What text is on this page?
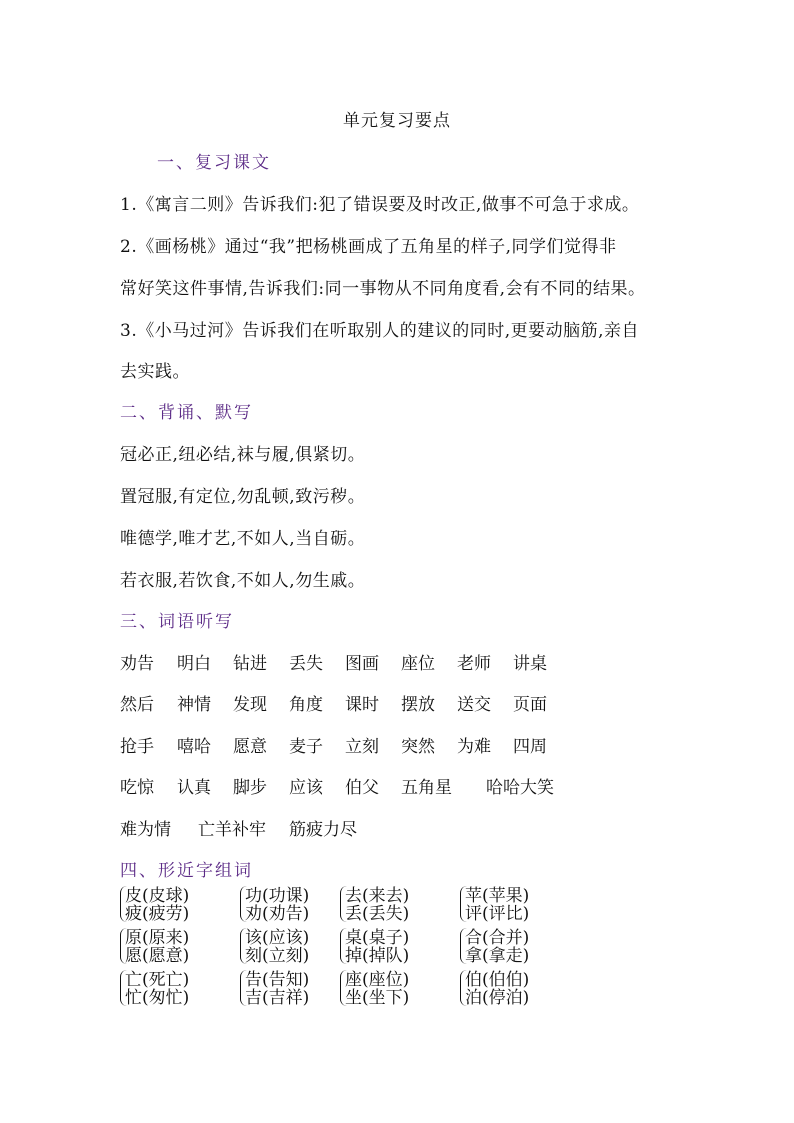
单元复习要点
一、复习课文
1.《寓言二则》告诉我们:犯了错误要及时改正,做事不可急于求成。
2.《画杨桃》通过“我”把杨桃画成了五角星的样子,同学们觉得非
常好笑这件事情,告诉我们:同一事物从不同角度看,会有不同的结果。
3.《小马过河》告诉我们在听取别人的建议的同时,更要动脑筋,亲自
去实践。
二、背诵、默写
冠必正,纽必结,袜与履,俱紧切。
置冠服,有定位,勿乱顿,致污秽。
唯德学,唯才艺,不如人,当自砺。
若衣服,若饮食,不如人,勿生戚。
三、词语听写
劝告 明白 钻进 丢失 图画 座位 老师 讲桌
然后 神情 发现 角度 课时 摆放 送交 页面
抢手 嘻哈 愿意 麦子 立刻 突然 为难 四周
吃惊 认真 脚步 应该 伯父 五角星 哈哈大笑
难为情 亡羊补牢 筋疲力尽
四、形近字组词
皮(皮球)
疲(疲劳)
功(功课)
劝(劝告)
去(来去)
丢(丢失)
苹(苹果)
评(评比)
原(原来)
愿(愿意)
该(应该)
刻(立刻)
桌(桌子)
掉(掉队)
合(合并)
拿(拿走)
亡(死亡)
忙(匆忙)
告(告知)
吉(吉祥)
座(座位)
坐(坐下)
伯(伯伯)
泊(停泊)
